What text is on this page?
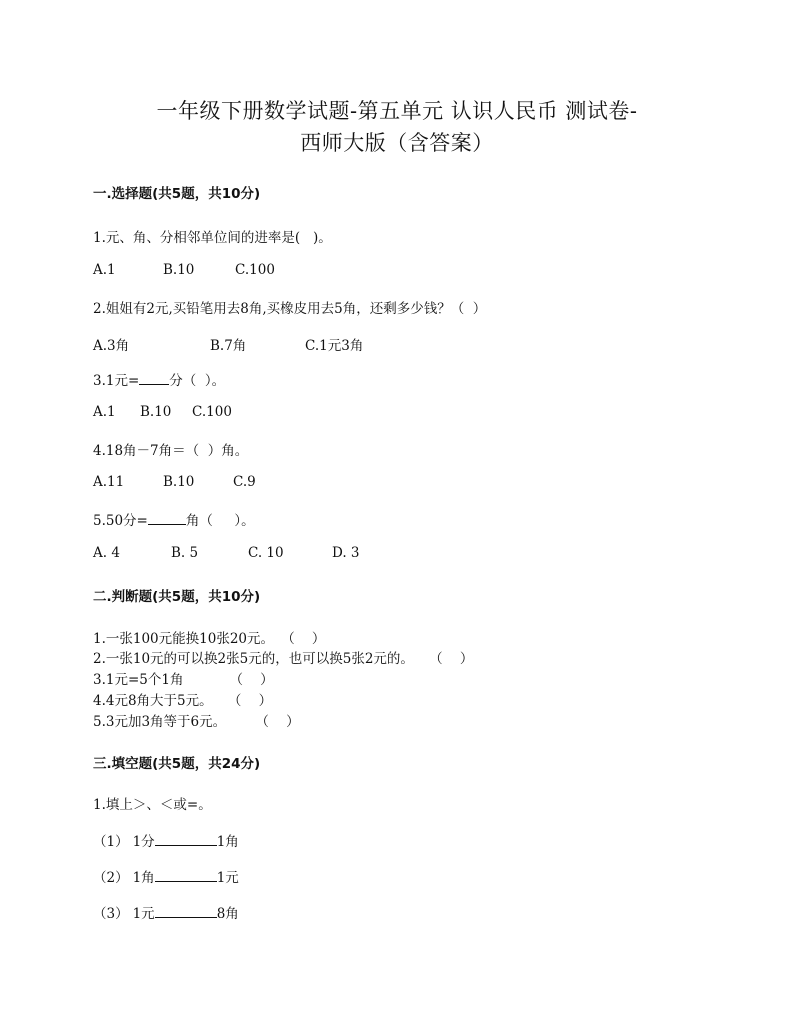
一年级下册数学试题-第五单元 认识人民币 测试卷-
西师大版（含答案）
一.选择题(共5题，共10分)
1.元、角、分相邻单位间的进率是(   )。
A.1	B.10	C.100
2.姐姐有2元,买铅笔用去8角,买橡皮用去5角，还剩多少钱？（  ）
A.3角	B.7角	C.1元3角
3.1元= 分（  ）。
A.1 B.10 C.100
4.18角－7角＝（  ）角。
A.11	B.10	C.9
5.50分=	角（     ）。
A. 4	B. 5	C. 10	D. 3
二.判断题(共5题，共10分)
1.一张100元能换10张20元。 （    ）
2.一张10元的可以换2张5元的，也可以换5张2元的。 （    ）
3.1元=5个1角	（    ）
4.4元8角大于5元。 （    ）
5.3元加3角等于6元。	（    ）
三.填空题(共5题，共24分)
1.填上＞、＜或=。
（1） 1分	1角
（2） 1角	1元
（3） 1元	8角
